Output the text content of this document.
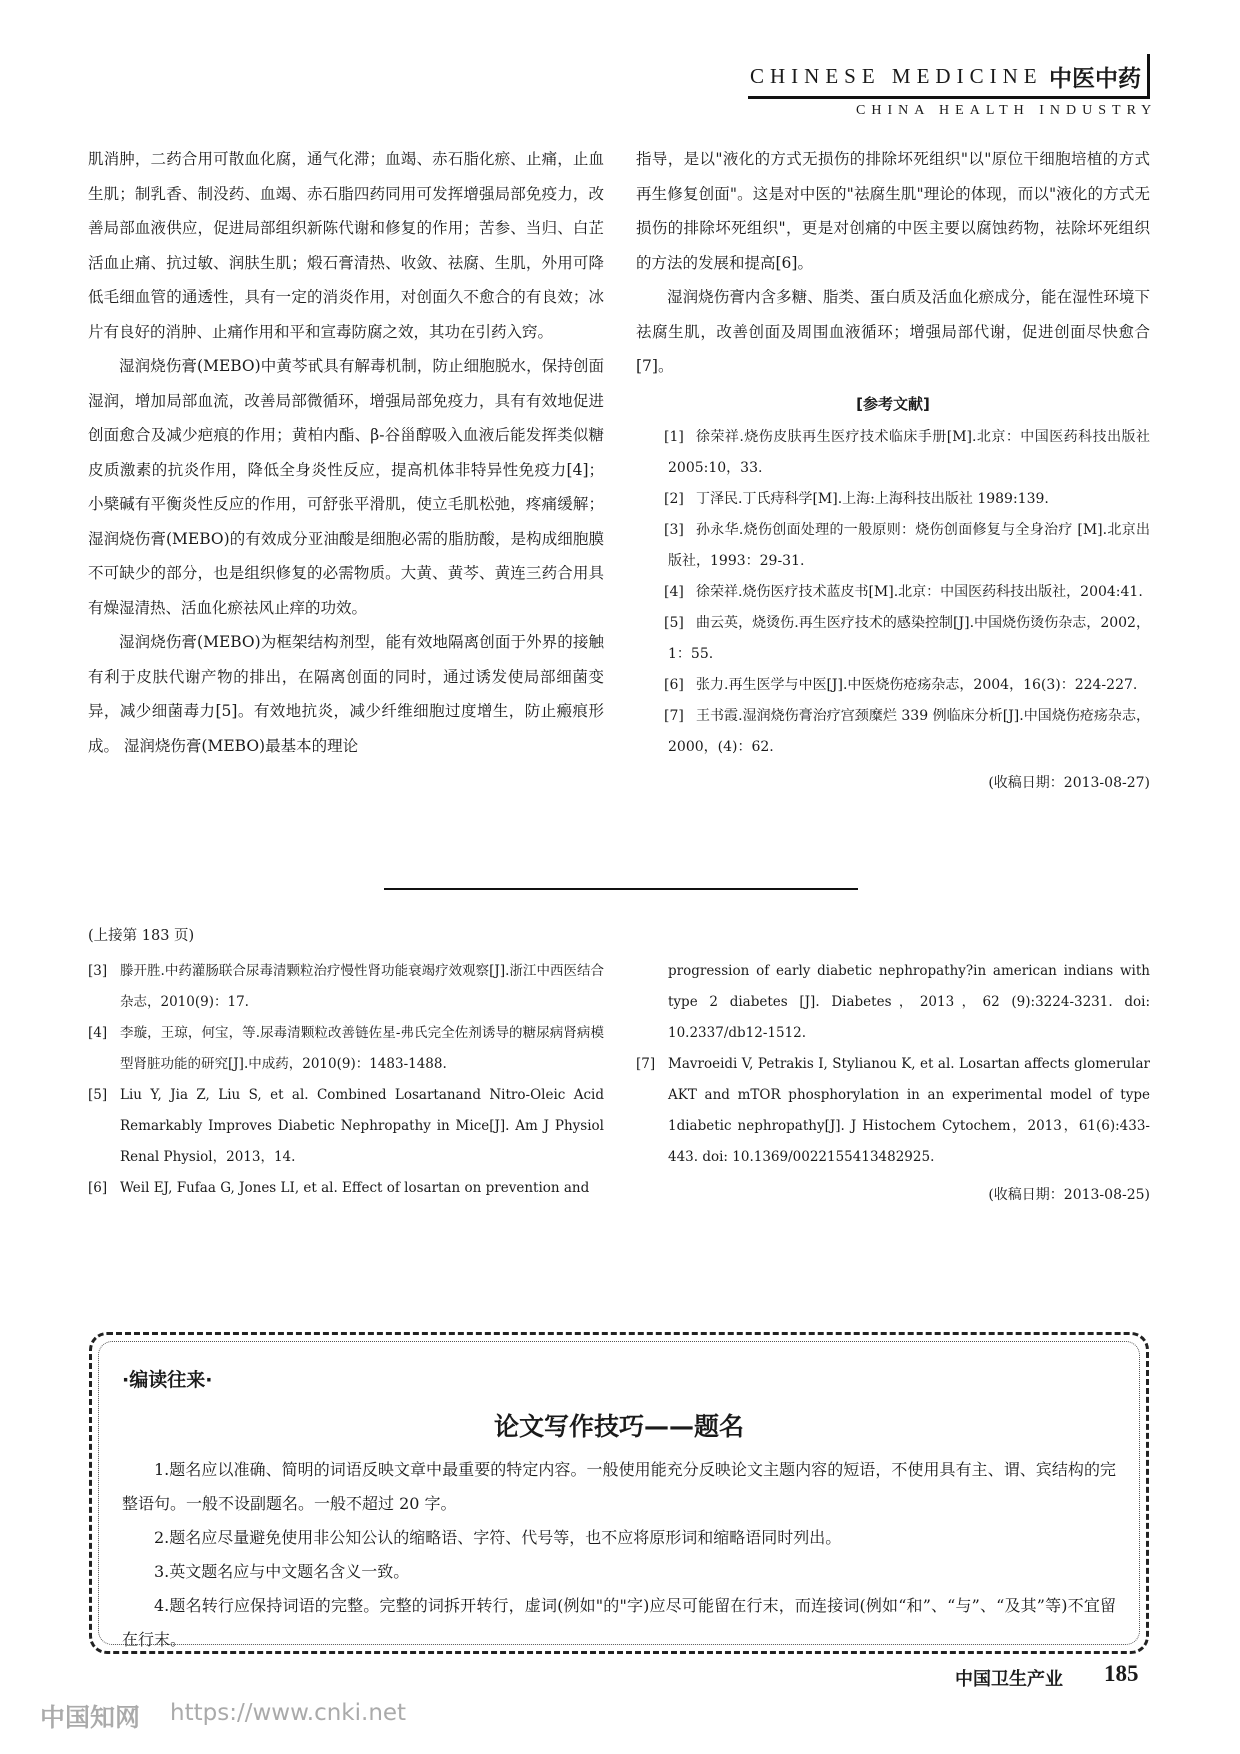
CHINESE MEDICINE 中医中药
CHINA HEALTH INDUSTRY

肌消肿，二药合用可散血化腐，通气化滞；血竭、赤石脂化瘀、止痛，止血生肌；制乳香、制没药、血竭、赤石脂四药同用可发挥增强局部免疫力，改善局部血液供应，促进局部组织新陈代谢和修复的作用；苦参、当归、白芷活血止痛、抗过敏、润肤生肌；煅石膏清热、收敛、祛腐、生肌，外用可降低毛细血管的通透性，具有一定的消炎作用，对创面久不愈合的有良效；冰片有良好的消肿、止痛作用和平和宣毒防腐之效，其功在引药入窍。

湿润烧伤膏(MEBO)中黄芩甙具有解毒机制，防止细胞脱水，保持创面湿润，增加局部血流，改善局部微循环，增强局部免疫力，具有有效地促进创面愈合及减少疤痕的作用；黄柏内酯、β-谷甾醇吸入血液后能发挥类似糖皮质激素的抗炎作用，降低全身炎性反应，提高机体非特异性免疫力[4]；小檗碱有平衡炎性反应的作用，可舒张平滑肌，使立毛肌松弛，疼痛缓解；湿润烧伤膏(MEBO)的有效成分亚油酸是细胞必需的脂肪酸，是构成细胞膜不可缺少的部分，也是组织修复的必需物质。大黄、黄芩、黄连三药合用具有燥湿清热、活血化瘀祛风止痒的功效。

湿润烧伤膏(MEBO)为框架结构剂型，能有效地隔离创面于外界的接触有利于皮肤代谢产物的排出，在隔离创面的同时，通过诱发使局部细菌变异，减少细菌毒力[5]。有效地抗炎，减少纤维细胞过度增生，防止瘢痕形成。 湿润烧伤膏(MEBO)最基本的理论

指导，是以"液化的方式无损伤的排除坏死组织"以"原位干细胞培植的方式再生修复创面"。这是对中医的"祛腐生肌"理论的体现，而以"液化的方式无损伤的排除坏死组织"，更是对创痛的中医主要以腐蚀药物，祛除坏死组织的方法的发展和提高[6]。

湿润烧伤膏内含多糖、脂类、蛋白质及活血化瘀成分，能在湿性环境下祛腐生肌，改善创面及周围血液循环；增强局部代谢，促进创面尽快愈合[7]。

[参考文献]

[1] 徐荣祥.烧伤皮肤再生医疗技术临床手册[M].北京：中国医药科技出版社2005:10，33.

[2] 丁泽民.丁氏痔科学[M].上海:上海科技出版社 1989:139.

[3] 孙永华.烧伤创面处理的一般原则：烧伤创面修复与全身治疗 [M].北京出版社，1993：29-31.

[4] 徐荣祥.烧伤医疗技术蓝皮书[M].北京：中国医药科技出版社，2004:41.

[5] 曲云英，烧烫伤.再生医疗技术的感染控制[J].中国烧伤烫伤杂志，2002，1：55.

[6] 张力.再生医学与中医[J].中医烧伤疮疡杂志，2004，16(3)：224-227.

[7] 王书霞.湿润烧伤膏治疗宫颈糜烂 339 例临床分析[J].中国烧伤疮疡杂志，2000，(4)：62.

(收稿日期：2013-08-27)
(上接第 183 页)

[3] 滕开胜.中药灌肠联合尿毒清颗粒治疗慢性肾功能衰竭疗效观察[J].浙江中西医结合杂志，2010(9)：17.

[4] 李璇，王琼，何宝，等.尿毒清颗粒改善链佐星-弗氏完全佐剂诱导的糖尿病肾病模型肾脏功能的研究[J].中成药，2010(9)：1483-1488.

[5] Liu Y, Jia Z, Liu S, et al. Combined Losartanand Nitro-Oleic Acid Remarkably Improves Diabetic Nephropathy in Mice[J]. Am J Physiol Renal Physiol，2013，14.

[6] Weil EJ, Fufaa G, Jones LI, et al. Effect of losartan on prevention and

progression of early diabetic nephropathy?in american indians with type 2 diabetes [J]. Diabetes，2013，62 (9):3224-3231. doi: 10.2337/db12-1512.

[7] Mavroeidi V, Petrakis I, Stylianou K, et al. Losartan affects glomerular AKT and mTOR phosphorylation in an experimental model of type 1diabetic nephropathy[J]. J Histochem Cytochem，2013，61(6):433-443. doi: 10.1369/0022155413482925.

(收稿日期：2013-08-25)
·编读往来·
论文写作技巧——题名

1.题名应以准确、简明的词语反映文章中最重要的特定内容。一般使用能充分反映论文主题内容的短语，不使用具有主、谓、宾结构的完整语句。一般不设副题名。一般不超过 20 字。

2.题名应尽量避免使用非公知公认的缩略语、字符、代号等，也不应将原形词和缩略语同时列出。

3.英文题名应与中文题名含义一致。

4.题名转行应保持词语的完整。完整的词拆开转行，虚词(例如"的"字)应尽可能留在行末，而连接词(例如“和”、“与”、“及其”等)不宜留在行末。

中国卫生产业 185
中国知网 https://www.cnki.net
